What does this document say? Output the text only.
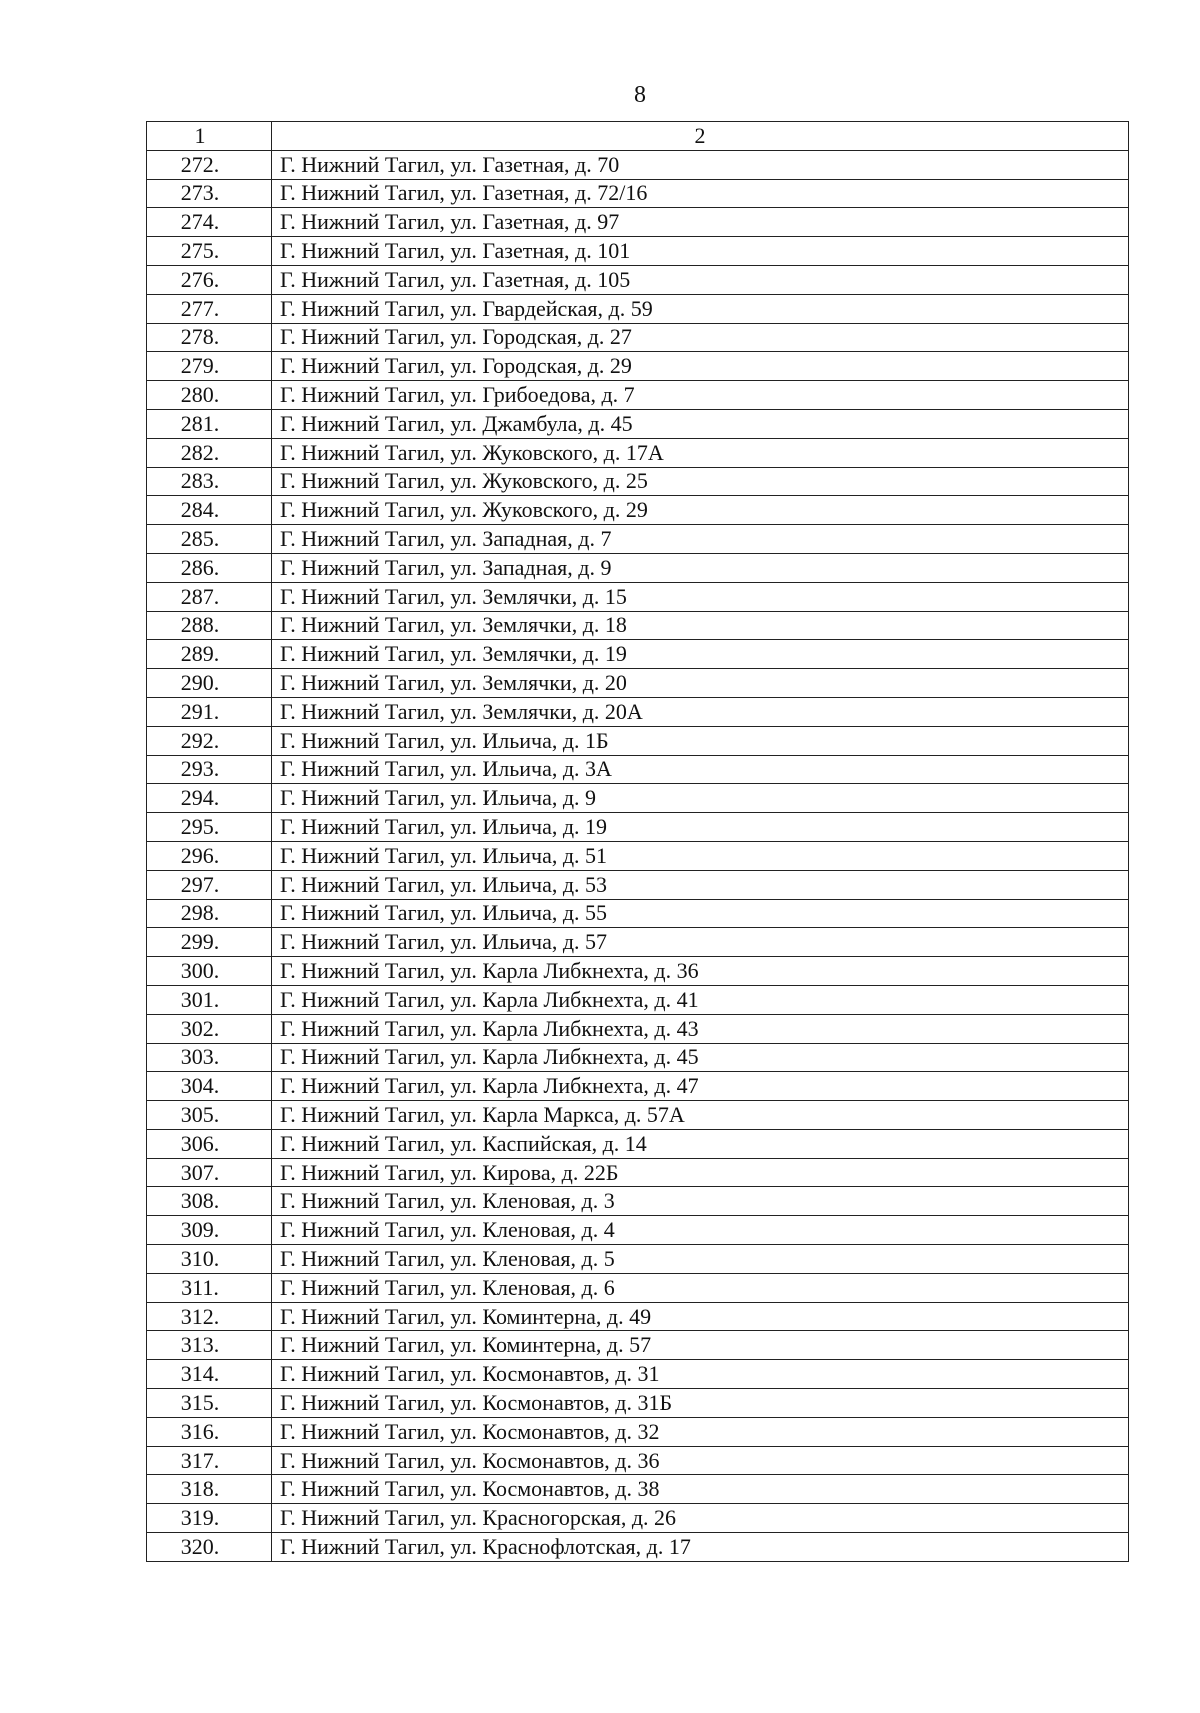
8
1	2
272.	Г. Нижний Тагил, ул. Газетная, д. 70
273.	Г. Нижний Тагил, ул. Газетная, д. 72/16
274.	Г. Нижний Тагил, ул. Газетная, д. 97
275.	Г. Нижний Тагил, ул. Газетная, д. 101
276.	Г. Нижний Тагил, ул. Газетная, д. 105
277.	Г. Нижний Тагил, ул. Гвардейская, д. 59
278.	Г. Нижний Тагил, ул. Городская, д. 27
279.	Г. Нижний Тагил, ул. Городская, д. 29
280.	Г. Нижний Тагил, ул. Грибоедова, д. 7
281.	Г. Нижний Тагил, ул. Джамбула, д. 45
282.	Г. Нижний Тагил, ул. Жуковского, д. 17А
283.	Г. Нижний Тагил, ул. Жуковского, д. 25
284.	Г. Нижний Тагил, ул. Жуковского, д. 29
285.	Г. Нижний Тагил, ул. Западная, д. 7
286.	Г. Нижний Тагил, ул. Западная, д. 9
287.	Г. Нижний Тагил, ул. Землячки, д. 15
288.	Г. Нижний Тагил, ул. Землячки, д. 18
289.	Г. Нижний Тагил, ул. Землячки, д. 19
290.	Г. Нижний Тагил, ул. Землячки, д. 20
291.	Г. Нижний Тагил, ул. Землячки, д. 20А
292.	Г. Нижний Тагил, ул. Ильича, д. 1Б
293.	Г. Нижний Тагил, ул. Ильича, д. 3А
294.	Г. Нижний Тагил, ул. Ильича, д. 9
295.	Г. Нижний Тагил, ул. Ильича, д. 19
296.	Г. Нижний Тагил, ул. Ильича, д. 51
297.	Г. Нижний Тагил, ул. Ильича, д. 53
298.	Г. Нижний Тагил, ул. Ильича, д. 55
299.	Г. Нижний Тагил, ул. Ильича, д. 57
300.	Г. Нижний Тагил, ул. Карла Либкнехта, д. 36
301.	Г. Нижний Тагил, ул. Карла Либкнехта, д. 41
302.	Г. Нижний Тагил, ул. Карла Либкнехта, д. 43
303.	Г. Нижний Тагил, ул. Карла Либкнехта, д. 45
304.	Г. Нижний Тагил, ул. Карла Либкнехта, д. 47
305.	Г. Нижний Тагил, ул. Карла Маркса, д. 57А
306.	Г. Нижний Тагил, ул. Каспийская, д. 14
307.	Г. Нижний Тагил, ул. Кирова, д. 22Б
308.	Г. Нижний Тагил, ул. Кленовая, д. 3
309.	Г. Нижний Тагил, ул. Кленовая, д. 4
310.	Г. Нижний Тагил, ул. Кленовая, д. 5
311.	Г. Нижний Тагил, ул. Кленовая, д. 6
312.	Г. Нижний Тагил, ул. Коминтерна, д. 49
313.	Г. Нижний Тагил, ул. Коминтерна, д. 57
314.	Г. Нижний Тагил, ул. Космонавтов, д. 31
315.	Г. Нижний Тагил, ул. Космонавтов, д. 31Б
316.	Г. Нижний Тагил, ул. Космонавтов, д. 32
317.	Г. Нижний Тагил, ул. Космонавтов, д. 36
318.	Г. Нижний Тагил, ул. Космонавтов, д. 38
319.	Г. Нижний Тагил, ул. Красногорская, д. 26
320.	Г. Нижний Тагил, ул. Краснофлотская, д. 17
